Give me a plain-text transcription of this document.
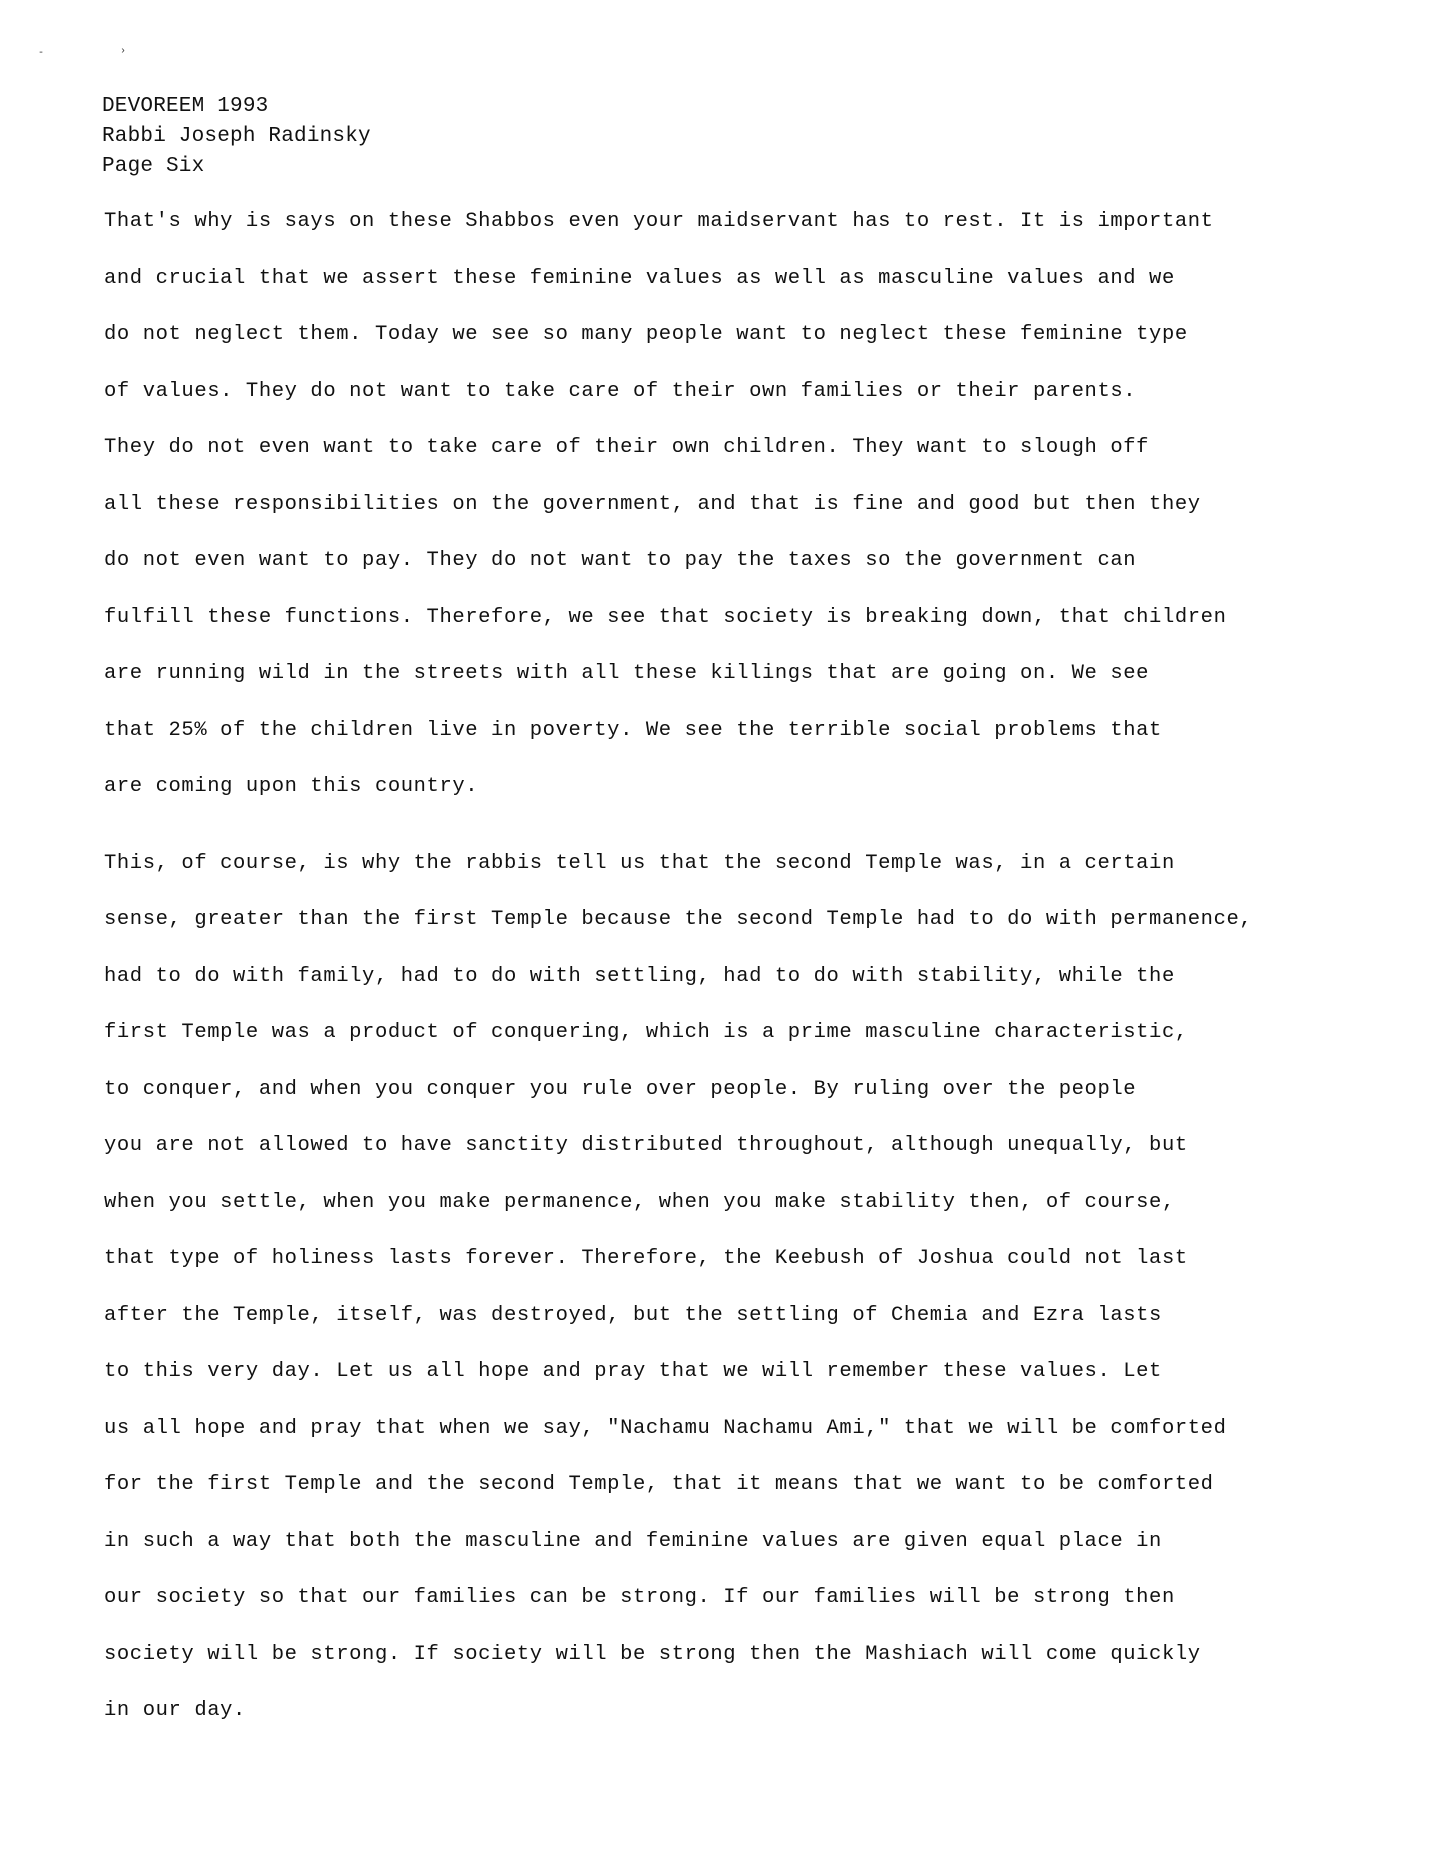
-	›
DEVOREEM 1993
Rabbi Joseph Radinsky
Page Six
That's why is says on these Shabbos even your maidservant has to rest. It is important
and crucial that we assert these feminine values as well as masculine values and we
do not neglect them. Today we see so many people want to neglect these feminine type
of values. They do not want to take care of their own families or their parents.
They do not even want to take care of their own children. They want to slough off
all these responsibilities on the government, and that is fine and good but then they
do not even want to pay. They do not want to pay the taxes so the government can
fulfill these functions. Therefore, we see that society is breaking down, that children
are running wild in the streets with all these killings that are going on. We see
that 25% of the children live in poverty. We see the terrible social problems that
are coming upon this country.
This, of course, is why the rabbis tell us that the second Temple was, in a certain
sense, greater than the first Temple because the second Temple had to do with permanence,
had to do with family, had to do with settling, had to do with stability, while the
first Temple was a product of conquering, which is a prime masculine characteristic,
to conquer, and when you conquer you rule over people. By ruling over the people
you are not allowed to have sanctity distributed throughout, although unequally, but
when you settle, when you make permanence, when you make stability then, of course,
that type of holiness lasts forever. Therefore, the Keebush of Joshua could not last
after the Temple, itself, was destroyed, but the settling of Chemia and Ezra lasts
to this very day. Let us all hope and pray that we will remember these values. Let
us all hope and pray that when we say, "Nachamu Nachamu Ami," that we will be comforted
for the first Temple and the second Temple, that it means that we want to be comforted
in such a way that both the masculine and feminine values are given equal place in
our society so that our families can be strong. If our families will be strong then
society will be strong. If society will be strong then the Mashiach will come quickly
in our day.
